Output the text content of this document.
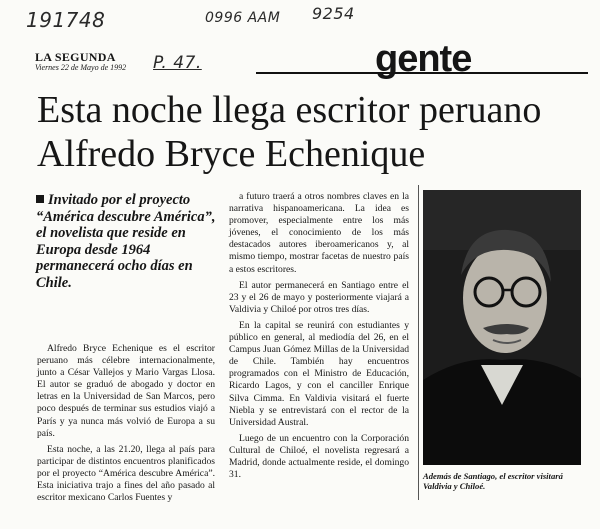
191748	0996 AAM 9254
P. 47.
LA SEGUNDA
Viernes 22 de Mayo de 1992	gente
Esta noche llega escritor peruano Alfredo Bryce Echenique
Invitado por el proyecto “América descubre América”, el novelista que reside en Europa desde 1964 permanecerá ocho días en Chile.

Alfredo Bryce Echenique es el escritor peruano más célebre internacionalmente, junto a César Vallejos y Mario Vargas Llosa. El autor se graduó de abogado y doctor en letras en la Universidad de San Marcos, pero poco después de terminar sus estudios viajó a París y ya nunca más volvió de Europa a su país.

Esta noche, a las 21.20, llega al país para participar de distintos encuentros planificados por el proyecto “América descubre América”. Esta iniciativa trajo a fines del año pasado al escritor mexicano Carlos Fuentes y

a futuro traerá a otros nombres claves en la narrativa hispanoamericana. La idea es promover, especialmente entre los más jóvenes, el conocimiento de los más destacados autores iberoamericanos y, al mismo tiempo, mostrar facetas de nuestro país a estos escritores.

El autor permanecerá en Santiago entre el 23 y el 26 de mayo y posteriormente viajará a Valdivia y Chiloé por otros tres días.

En la capital se reunirá con estudiantes y público en general, al mediodía del 26, en el Campus Juan Gómez Millas de la Universidad de Chile. También hay encuentros programados con el Ministro de Educación, Ricardo Lagos, y con el canciller Enrique Silva Cimma. En Valdivia visitará el fuerte Niebla y se entrevistará con el rector de la Universidad Austral.

Luego de un encuentro con la Corporación Cultural de Chiloé, el novelista regresará a Madrid, donde actualmente reside, el domingo 31.	Además de Santiago, el escritor visitará Valdivia y Chiloé.
